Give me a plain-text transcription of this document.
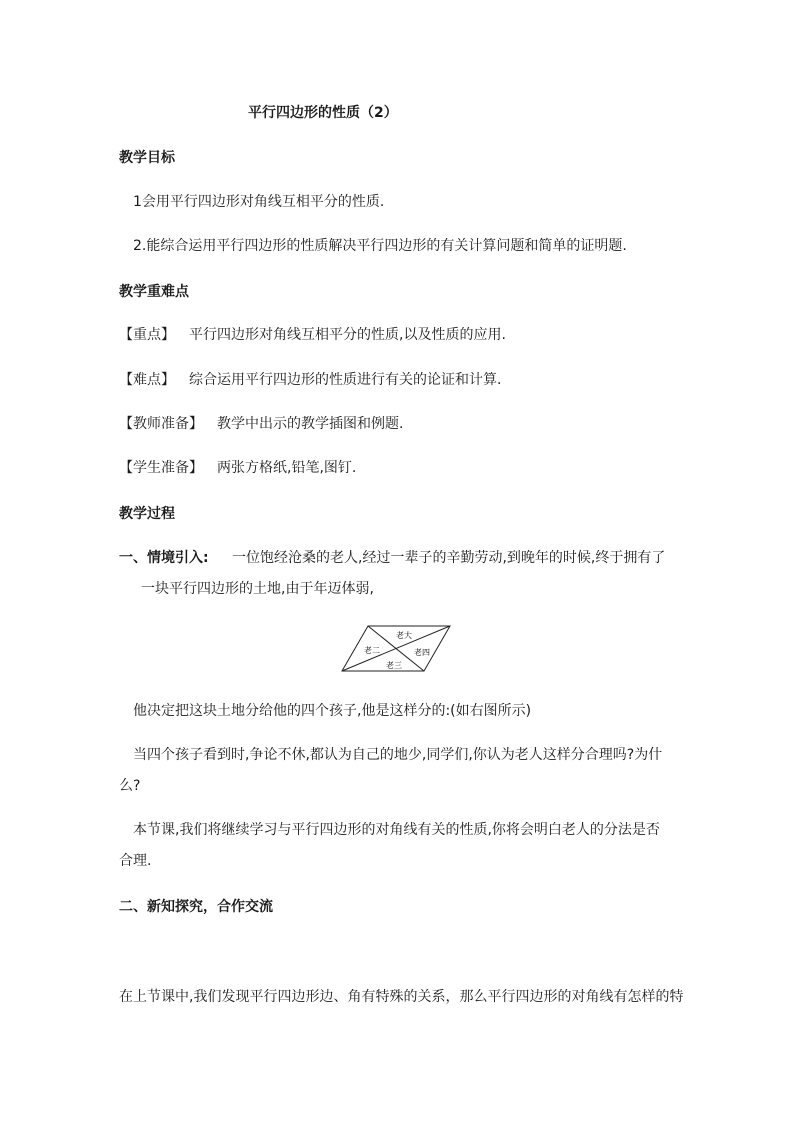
平行四边形的性质（2）
教学目标
1会用平行四边形对角线互相平分的性质.
2.能综合运用平行四边形的性质解决平行四边形的有关计算问题和简单的证明题.
教学重难点
【重点】 平行四边形对角线互相平分的性质,以及性质的应用.
【难点】 综合运用平行四边形的性质进行有关的论证和计算.
【教师准备】 教学中出示的教学插图和例题.
【学生准备】 两张方格纸,铅笔,图钉.
教学过程
一、情境引入: 一位饱经沧桑的老人,经过一辈子的辛勤劳动,到晚年的时候,终于拥有了
一块平行四边形的土地,由于年迈体弱,
老大
老二	老四
老三
他决定把这块土地分给他的四个孩子,他是这样分的:(如右图所示)
当四个孩子看到时,争论不休,都认为自己的地少,同学们,你认为老人这样分合理吗?为什
么?
本节课,我们将继续学习与平行四边形的对角线有关的性质,你将会明白老人的分法是否
合理.
二、新知探究，合作交流
在上节课中,我们发现平行四边形边、角有特殊的关系，那么平行四边形的对角线有怎样的特
